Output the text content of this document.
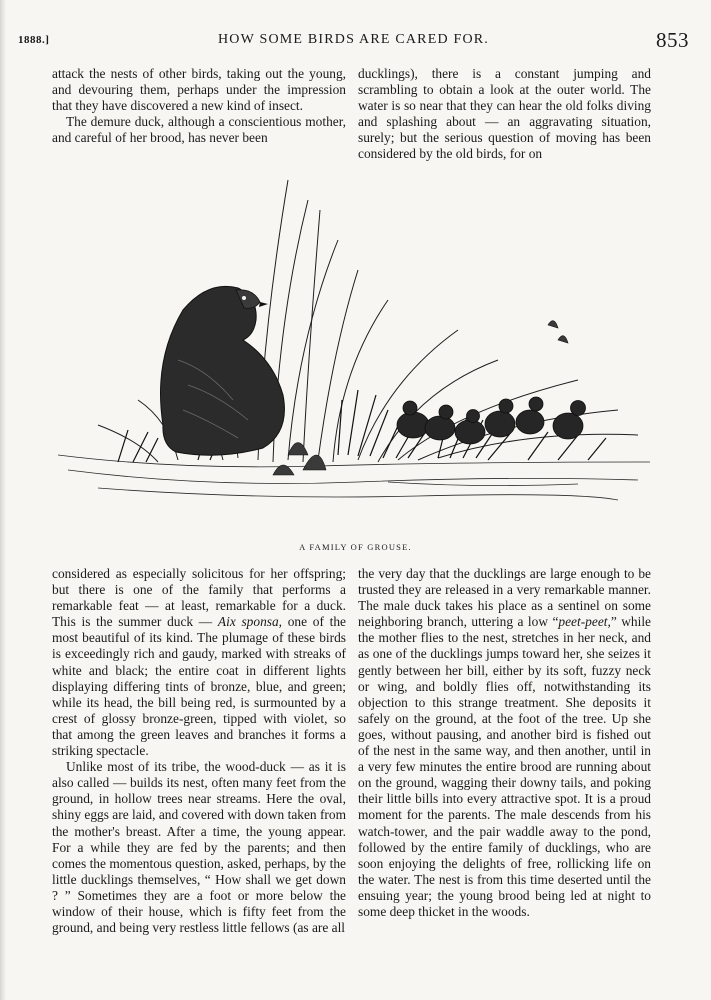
1888.]	HOW SOME BIRDS ARE CARED FOR.	853

attack the nests of other birds, taking out the young, and devouring them, perhaps under the impression that they have discovered a new kind of insect.

The demure duck, although a conscientious mother, and careful of her brood, has never been

ducklings), there is a constant jumping and scrambling to obtain a look at the outer world. The water is so near that they can hear the old folks diving and splashing about — an aggravating situation, surely; but the serious question of moving has been considered by the old birds, for on

A FAMILY OF GROUSE.

considered as especially solicitous for her offspring; but there is one of the family that performs a remarkable feat — at least, remarkable for a duck. This is the summer duck — Aix sponsa, one of the most beautiful of its kind. The plumage of these birds is exceedingly rich and gaudy, marked with streaks of white and black; the entire coat in different lights displaying differing tints of bronze, blue, and green; while its head, the bill being red, is surmounted by a crest of glossy bronze-green, tipped with violet, so that among the green leaves and branches it forms a striking spectacle.

Unlike most of its tribe, the wood-duck — as it is also called — builds its nest, often many feet from the ground, in hollow trees near streams. Here the oval, shiny eggs are laid, and covered with down taken from the mother's breast. After a time, the young appear. For a while they are fed by the parents; and then comes the momentous question, asked, perhaps, by the little ducklings themselves, “ How shall we get down ? ” Sometimes they are a foot or more below the window of their house, which is fifty feet from the ground, and being very restless little fellows (as are all

the very day that the ducklings are large enough to be trusted they are released in a very remarkable manner. The male duck takes his place as a sentinel on some neighboring branch, uttering a low “peet-peet,” while the mother flies to the nest, stretches in her neck, and as one of the ducklings jumps toward her, she seizes it gently between her bill, either by its soft, fuzzy neck or wing, and boldly flies off, notwithstanding its objection to this strange treatment. She deposits it safely on the ground, at the foot of the tree. Up she goes, without pausing, and another bird is fished out of the nest in the same way, and then another, until in a very few minutes the entire brood are running about on the ground, wagging their downy tails, and poking their little bills into every attractive spot. It is a proud moment for the parents. The male descends from his watch-tower, and the pair waddle away to the pond, followed by the entire family of ducklings, who are soon enjoying the delights of free, rollicking life on the water. The nest is from this time deserted until the ensuing year; the young brood being led at night to some deep thicket in the woods.
